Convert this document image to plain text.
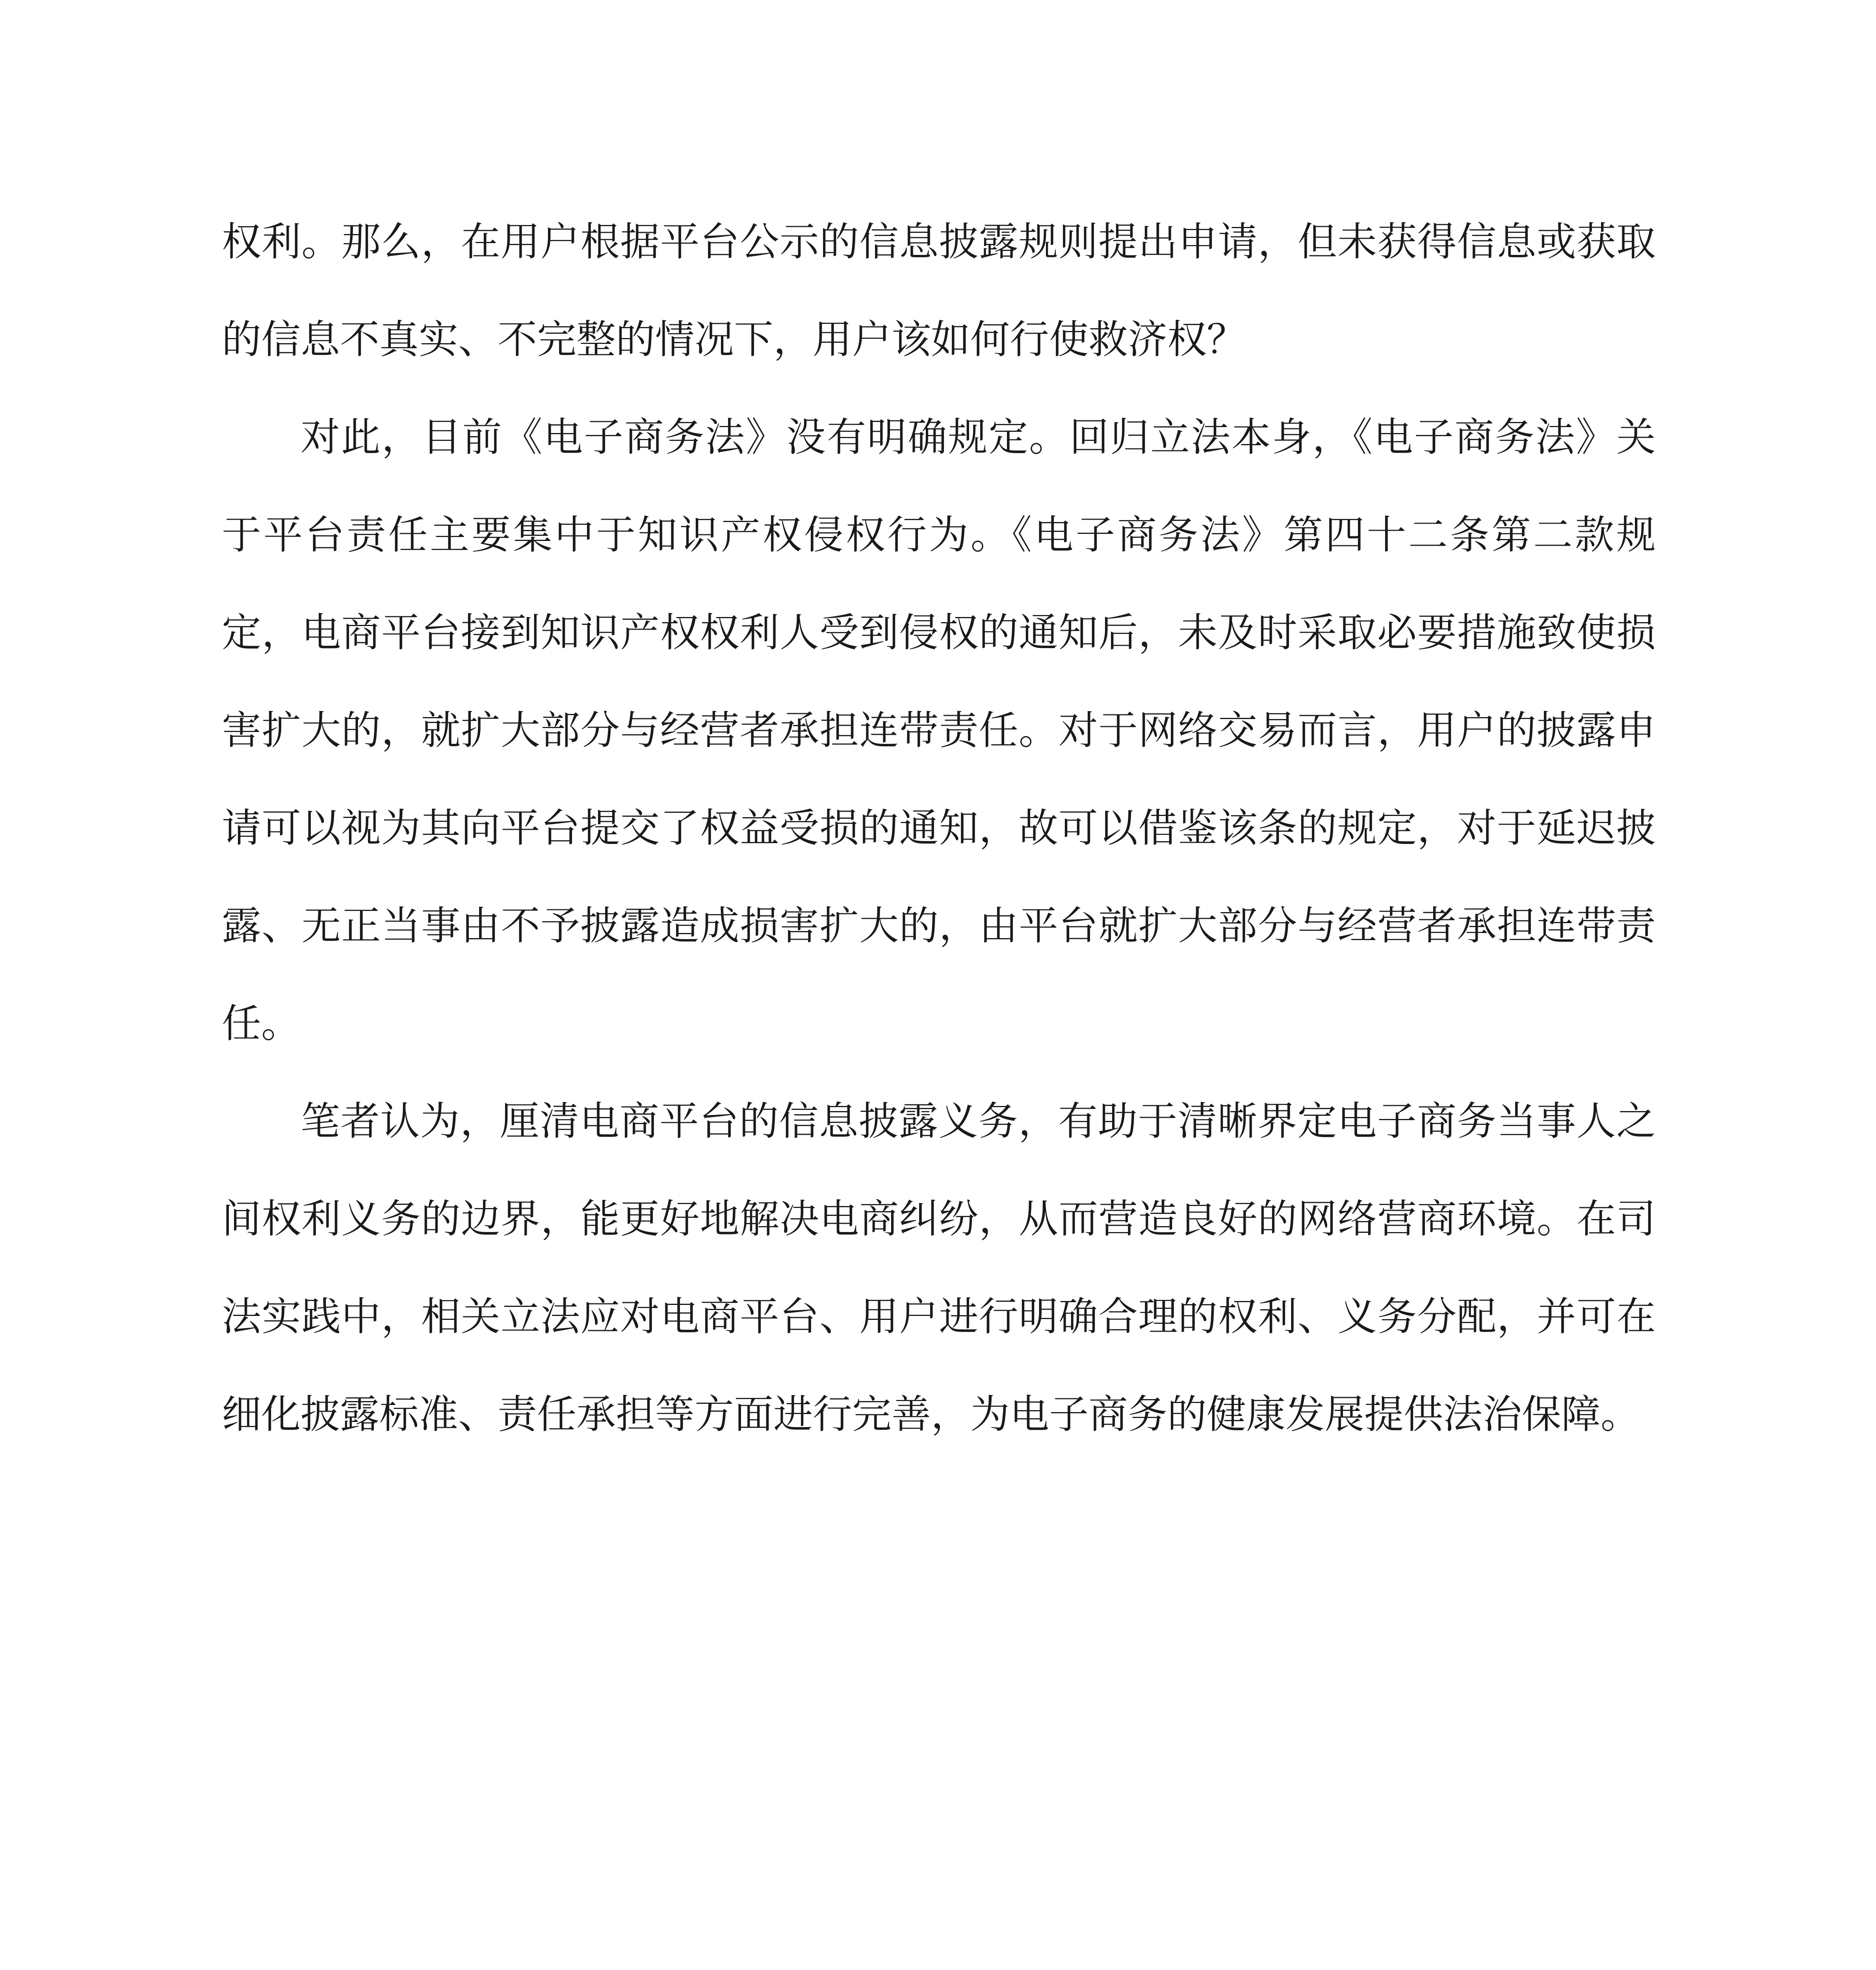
权利。那么，在用户根据平台公示的信息披露规则提出申请，但未获得信息或获取的信息不真实、不完整的情况下，用户该如何行使救济权？

对此，目前《电子商务法》没有明确规定。回归立法本身，《电子商务法》关于平台责任主要集中于知识产权侵权行为。《电子商务法》第四十二条第二款规定，电商平台接到知识产权权利人受到侵权的通知后，未及时采取必要措施致使损害扩大的，就扩大部分与经营者承担连带责任。对于网络交易而言，用户的披露申请可以视为其向平台提交了权益受损的通知，故可以借鉴该条的规定，对于延迟披露、无正当事由不予披露造成损害扩大的，由平台就扩大部分与经营者承担连带责任。

笔者认为，厘清电商平台的信息披露义务，有助于清晰界定电子商务当事人之间权利义务的边界，能更好地解决电商纠纷，从而营造良好的网络营商环境。在司法实践中，相关立法应对电商平台、用户进行明确合理的权利、义务分配，并可在细化披露标准、责任承担等方面进行完善，为电子商务的健康发展提供法治保障。
